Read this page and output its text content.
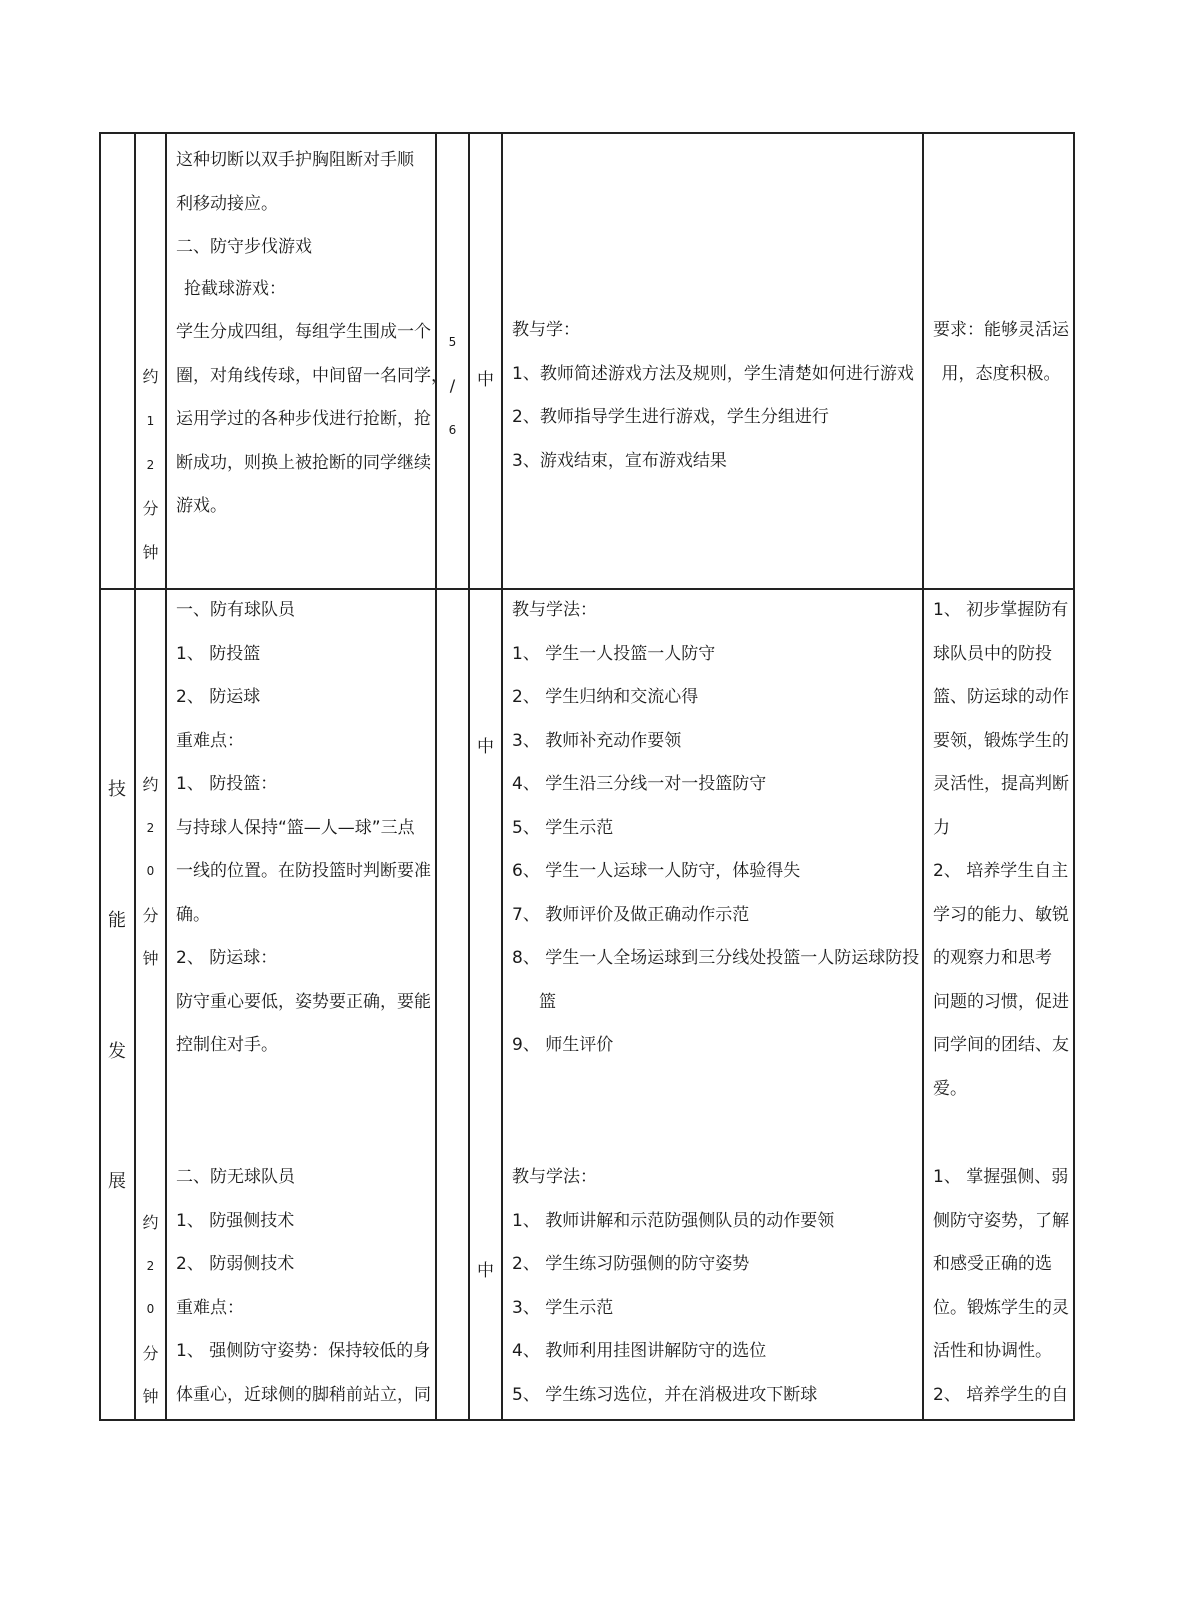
约
1
2
分
钟
这种切断以双手护胸阻断对手顺
利移动接应。
二、防守步伐游戏
抢截球游戏：
学生分成四组，每组学生围成一个
圈，对角线传球，中间留一名同学，
运用学过的各种步伐进行抢断，抢
断成功，则换上被抢断的同学继续
游戏。
5
/
6
中
教与学：
1、教师简述游戏方法及规则，学生清楚如何进行游戏
2、教师指导学生进行游戏，学生分组进行
3、游戏结束，宣布游戏结果
要求：能够灵活运
用，态度积极。
技
能
发
展
约
2
0
分
钟
一、防有球队员
1、 防投篮
2、 防运球
重难点：
1、 防投篮：
与持球人保持“篮—人—球”三点
一线的位置。在防投篮时判断要准
确。
2、 防运球：
防守重心要低，姿势要正确，要能
控制住对手。
中
教与学法：
1、 学生一人投篮一人防守
2、 学生归纳和交流心得
3、 教师补充动作要领
4、 学生沿三分线一对一投篮防守
5、 学生示范
6、 学生一人运球一人防守，体验得失
7、 教师评价及做正确动作示范
8、 学生一人全场运球到三分线处投篮一人防运球防投
篮
9、 师生评价
1、 初步掌握防有
球队员中的防投
篮、防运球的动作
要领，锻炼学生的
灵活性，提高判断
力
2、 培养学生自主
学习的能力、敏锐
的观察力和思考
问题的习惯，促进
同学间的团结、友
爱。
约
2
0
分
钟
二、防无球队员
1、 防强侧技术
2、 防弱侧技术
重难点：
1、 强侧防守姿势：保持较低的身
体重心，近球侧的脚稍前站立，同
中
教与学法：
1、 教师讲解和示范防强侧队员的动作要领
2、 学生练习防强侧的防守姿势
3、 学生示范
4、 教师利用挂图讲解防守的选位
5、 学生练习选位，并在消极进攻下断球
1、 掌握强侧、弱
侧防守姿势，了解
和感受正确的选
位。锻炼学生的灵
活性和协调性。
2、 培养学生的自
